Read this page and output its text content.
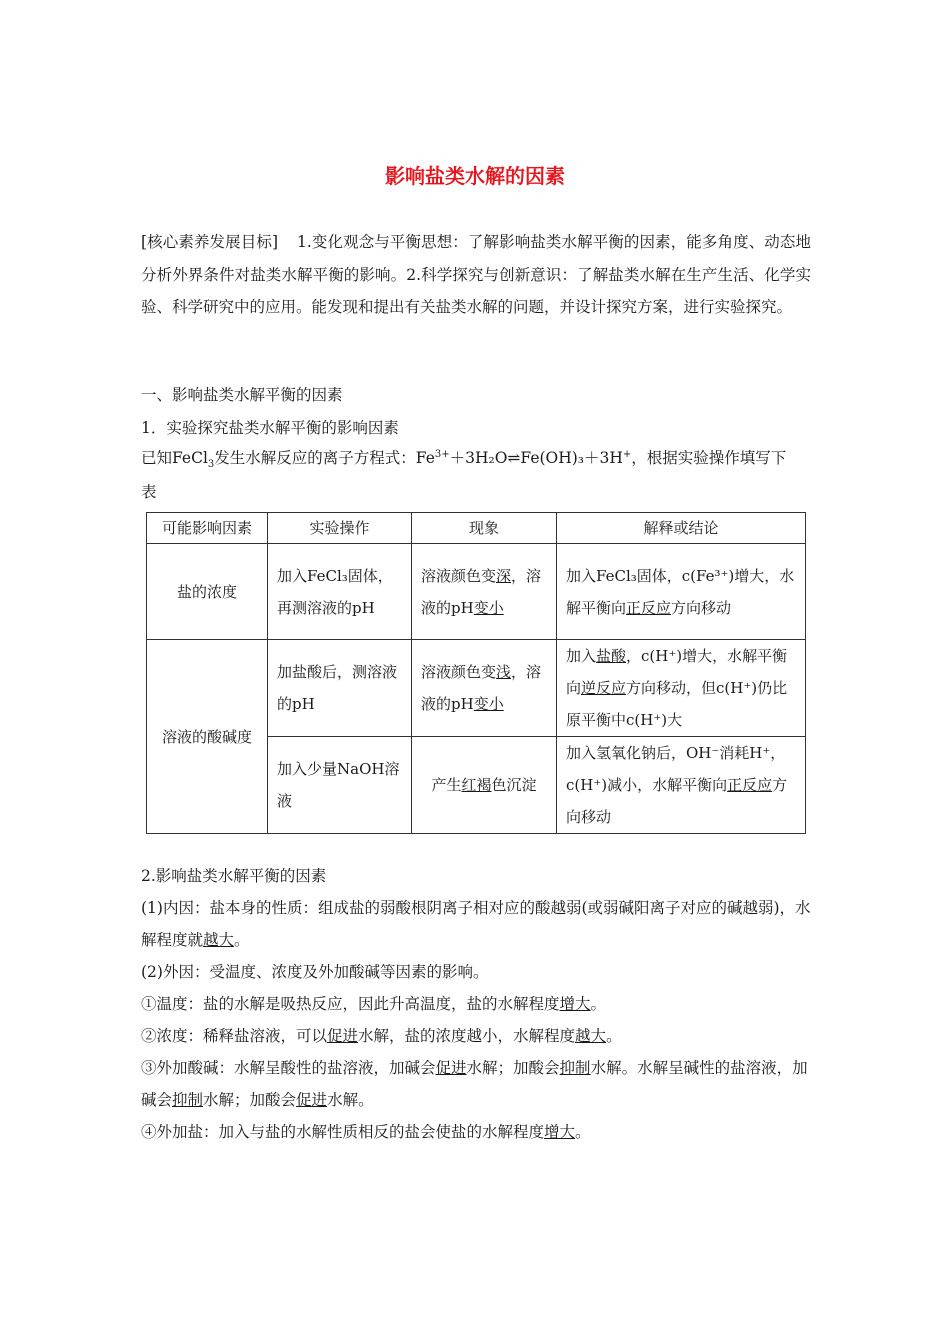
影响盐类水解的因素
[核心素养发展目标] 1.变化观念与平衡思想：了解影响盐类水解平衡的因素，能多角度、动态地分析外界条件对盐类水解平衡的影响。2.科学探究与创新意识：了解盐类水解在生产生活、化学实验、科学研究中的应用。能发现和提出有关盐类水解的问题，并设计探究方案，进行实验探究。
一、影响盐类水解平衡的因素
1．实验探究盐类水解平衡的影响因素
已知FeCl$_3$发生水解反应的离子方程式：$Fe^{3+}+3H_2O\rightleftharpoons Fe(OH)_3+3H^+$，根据实验操作填写下
表
可能影响因素	实验操作	现象	解释或结论
盐的浓度	加入FeCl₃固体，再测溶液的pH	溶液颜色变深，溶液的pH变小	加入FeCl₃固体，c(Fe³⁺)增大，水解平衡向正反应方向移动
溶液的酸碱度	加盐酸后，测溶液的pH	溶液颜色变浅，溶液的pH变小	加入盐酸，c(H⁺)增大，水解平衡向逆反应方向移动，但c(H⁺)仍比原平衡中c(H⁺)大
	加入少量NaOH溶液	产生红褐色沉淀	加入氢氧化钠后，OH⁻消耗H⁺，c(H⁺)减小，水解平衡向正反应方向移动

2.影响盐类水解平衡的因素

(1)内因：盐本身的性质：组成盐的弱酸根阴离子相对应的酸越弱(或弱碱阳离子对应的碱越弱)，水解程度就越大。

(2)外因：受温度、浓度及外加酸碱等因素的影响。

①温度：盐的水解是吸热反应，因此升高温度，盐的水解程度增大。

②浓度：稀释盐溶液，可以促进水解，盐的浓度越小，水解程度越大。

③外加酸碱：水解呈酸性的盐溶液，加碱会促进水解；加酸会抑制水解。水解呈碱性的盐溶液，加碱会抑制水解；加酸会促进水解。

④外加盐：加入与盐的水解性质相反的盐会使盐的水解程度增大。
